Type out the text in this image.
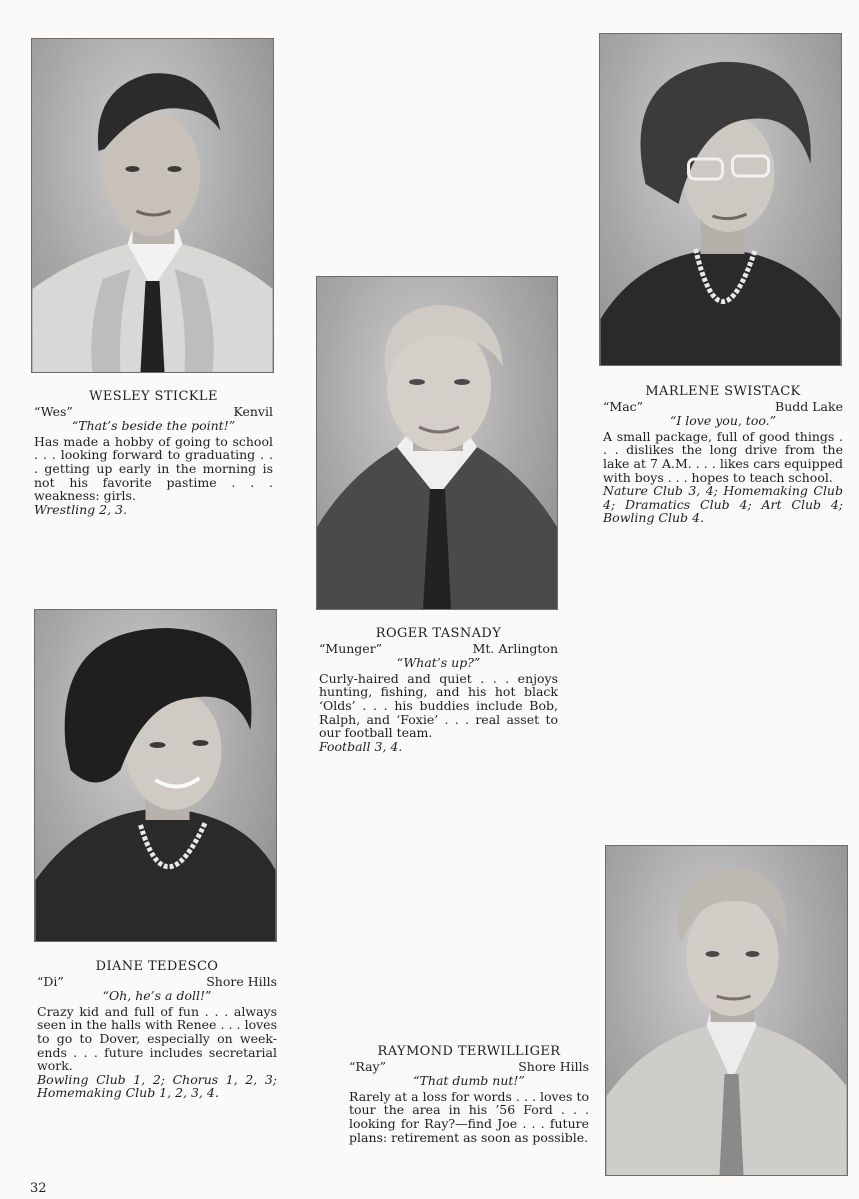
WESLEY STICKLE
“Wes”	Kenvil
“That’s beside the point!”
Has made a hobby of going to school . . . looking forward to graduating . . . getting up early in the morning is not his favorite pastime . . . weakness: girls.
Wrestling 2, 3.
ROGER TASNADY
“Munger”	Mt. Arlington
“What’s up?”
Curly-haired and quiet . . . enjoys hunting, fishing, and his hot black ‘Olds’ . . . his buddies include Bob, Ralph, and ‘Foxie’ . . . real asset to our football team.
Football 3, 4.
MARLENE SWISTACK
“Mac”	Budd Lake
“I love you, too.”
A small package, full of good things . . . dislikes the long drive from the lake at 7 A.M. . . . likes cars equipped with boys . . . hopes to teach school.
Nature Club 3, 4; Homemaking Club 4; Dramatics Club 4; Art Club 4; Bowling Club 4.
DIANE TEDESCO
“Di”	Shore Hills
“Oh, he’s a doll!”
Crazy kid and full of fun . . . always seen in the halls with Renee . . . loves to go to Dover, especially on week-ends . . . future includes secretarial work.
Bowling Club 1, 2; Chorus 1, 2, 3; Homemaking Club 1, 2, 3, 4.
RAYMOND TERWILLIGER
“Ray”	Shore Hills
“That dumb nut!”
Rarely at a loss for words . . . loves to tour the area in his ’56 Ford . . . looking for Ray?—find Joe . . . future plans: retirement as soon as possible.
32
